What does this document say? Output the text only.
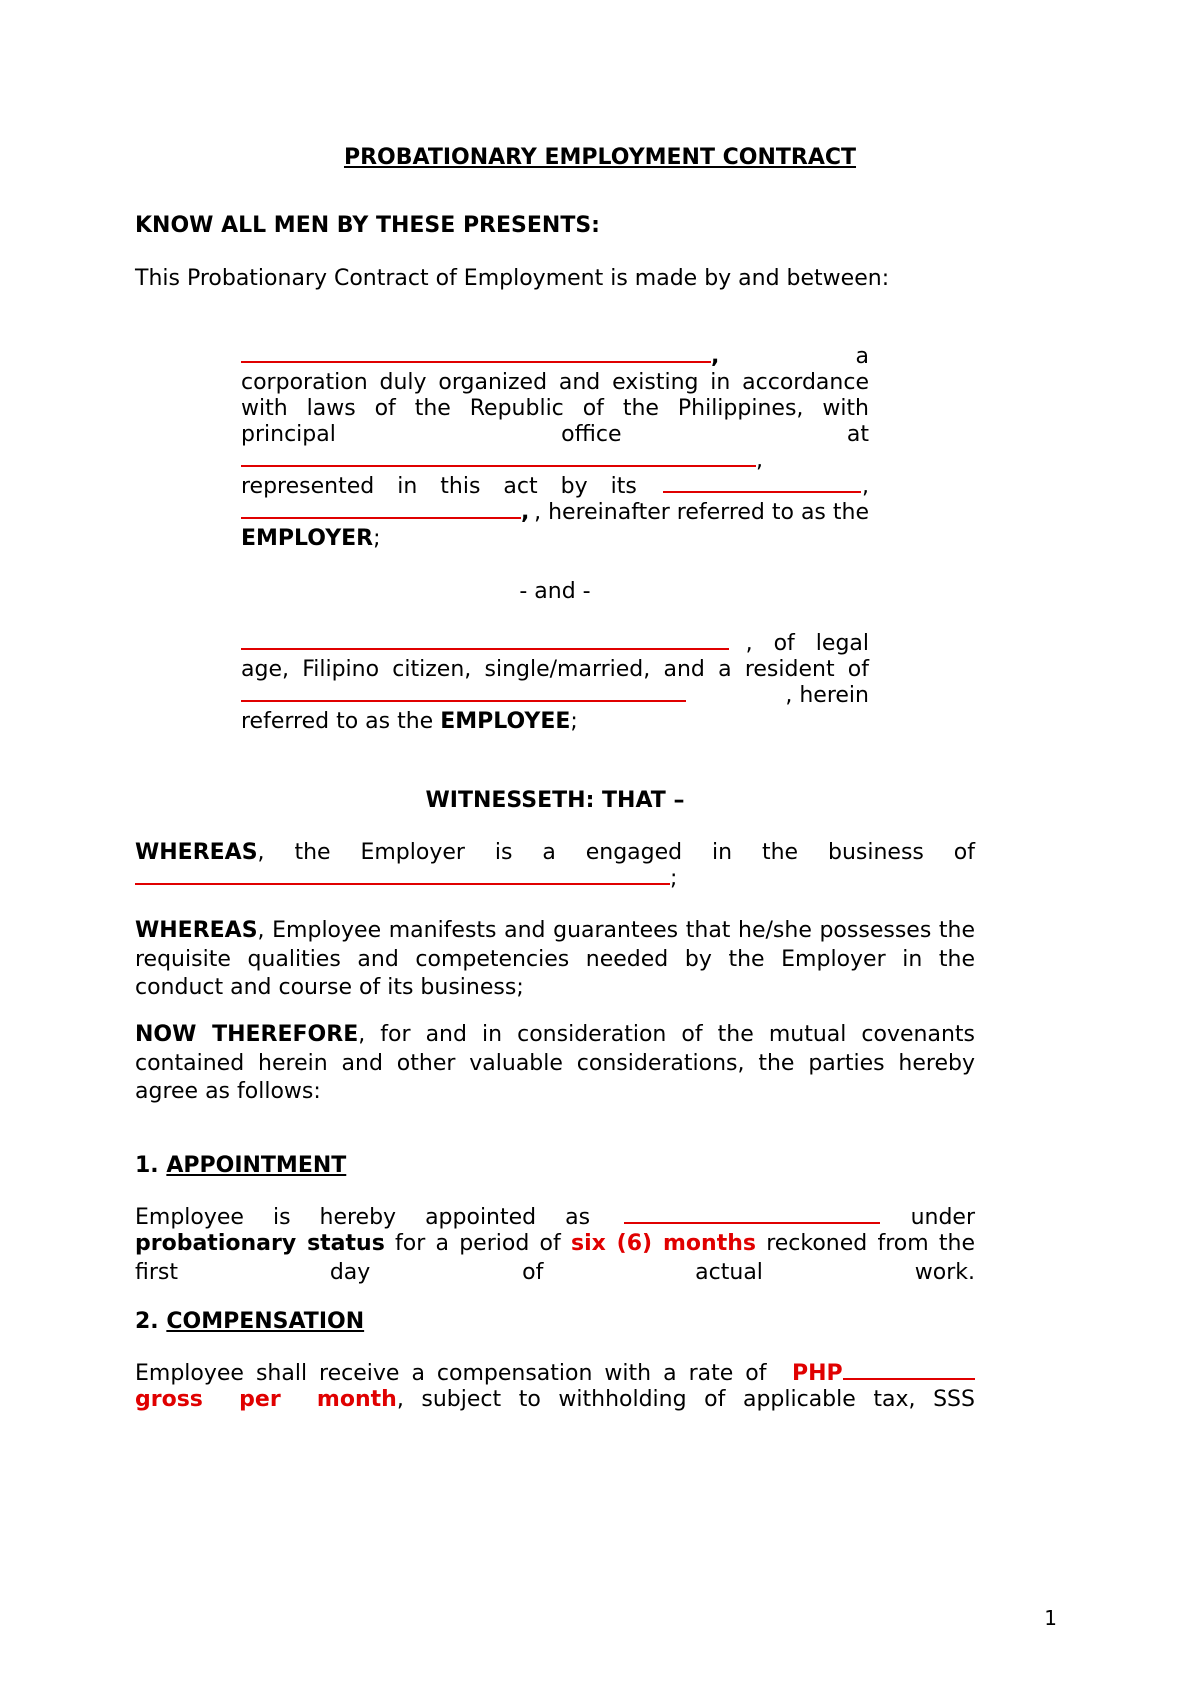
PROBATIONARY EMPLOYMENT CONTRACT
KNOW ALL MEN BY THESE PRESENTS:
This Probationary Contract of Employment is made by and between:
,	a
corporation duly organized and existing in accordance
with laws of the Republic of the Philippines, with
principal office at
,
represented in this act by its	,
, , hereinafter referred to as the
EMPLOYER;
- and -
, of legal
age, Filipino citizen, single/married, and a resident of
, herein
referred to as the EMPLOYEE;
WITNESSETH: THAT –
WHEREAS, the Employer is a engaged in the business of
;
WHEREAS, Employee manifests and guarantees that he/she possesses the requisite qualities and competencies needed by the Employer in the conduct and course of its business;
NOW THEREFORE, for and in consideration of the mutual covenants contained herein and other valuable considerations, the parties hereby agree as follows:
1. APPOINTMENT
Employee is hereby appointed as	under
probationary status for a period of six (6) months reckoned from the first day of actual work.
2. COMPENSATION
Employee shall receive a compensation with a rate of PHP
gross per month, subject to withholding of applicable tax, SSS
1
